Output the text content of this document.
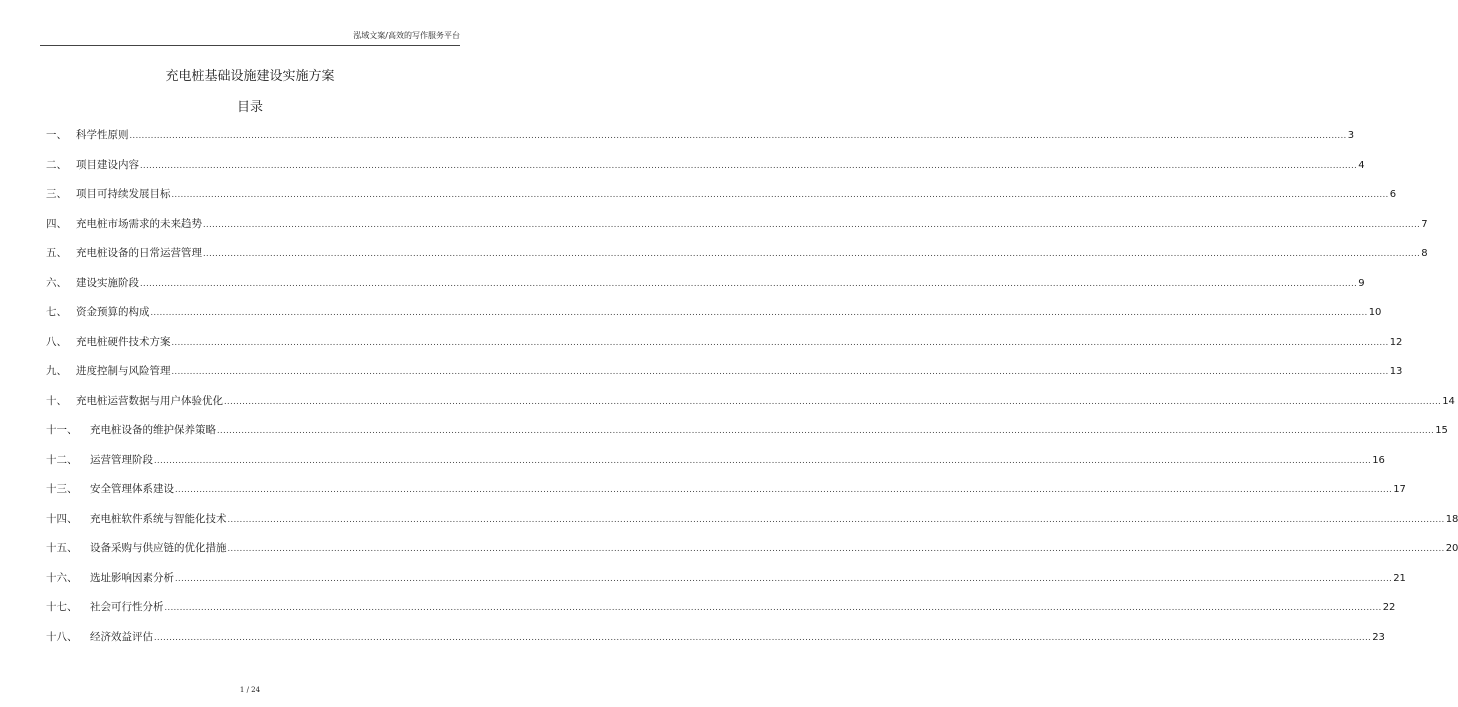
泓域文案/高效的写作服务平台
充电桩基础设施建设实施方案
目录
一、 科学性原则 ................................................................................................................................................................................................................................................................................................................................................................................................................ 3
二、 项目建设内容 ................................................................................................................................................................................................................................................................................................................................................................................................................ 4
三、 项目可持续发展目标 ................................................................................................................................................................................................................................................................................................................................................................................................................ 6
四、 充电桩市场需求的未来趋势 ................................................................................................................................................................................................................................................................................................................................................................................................................ 7
五、 充电桩设备的日常运营管理 ................................................................................................................................................................................................................................................................................................................................................................................................................ 8
六、 建设实施阶段 ................................................................................................................................................................................................................................................................................................................................................................................................................ 9
七、 资金预算的构成 ................................................................................................................................................................................................................................................................................................................................................................................................................ 10
八、 充电桩硬件技术方案 ................................................................................................................................................................................................................................................................................................................................................................................................................ 12
九、 进度控制与风险管理 ................................................................................................................................................................................................................................................................................................................................................................................................................ 13
十、 充电桩运营数据与用户体验优化 ................................................................................................................................................................................................................................................................................................................................................................................................................ 14
十一、	充电桩设备的维护保养策略 ................................................................................................................................................................................................................................................................................................................................................................................................................ 15
十二、	运营管理阶段 ................................................................................................................................................................................................................................................................................................................................................................................................................ 16
十三、	安全管理体系建设 ................................................................................................................................................................................................................................................................................................................................................................................................................ 17
十四、	充电桩软件系统与智能化技术 ................................................................................................................................................................................................................................................................................................................................................................................................................ 18
十五、	设备采购与供应链的优化措施 ................................................................................................................................................................................................................................................................................................................................................................................................................ 20
十六、	选址影响因素分析 ................................................................................................................................................................................................................................................................................................................................................................................................................ 21
十七、	社会可行性分析 ................................................................................................................................................................................................................................................................................................................................................................................................................ 22
十八、	经济效益评估 ................................................................................................................................................................................................................................................................................................................................................................................................................ 23
1 / 24
